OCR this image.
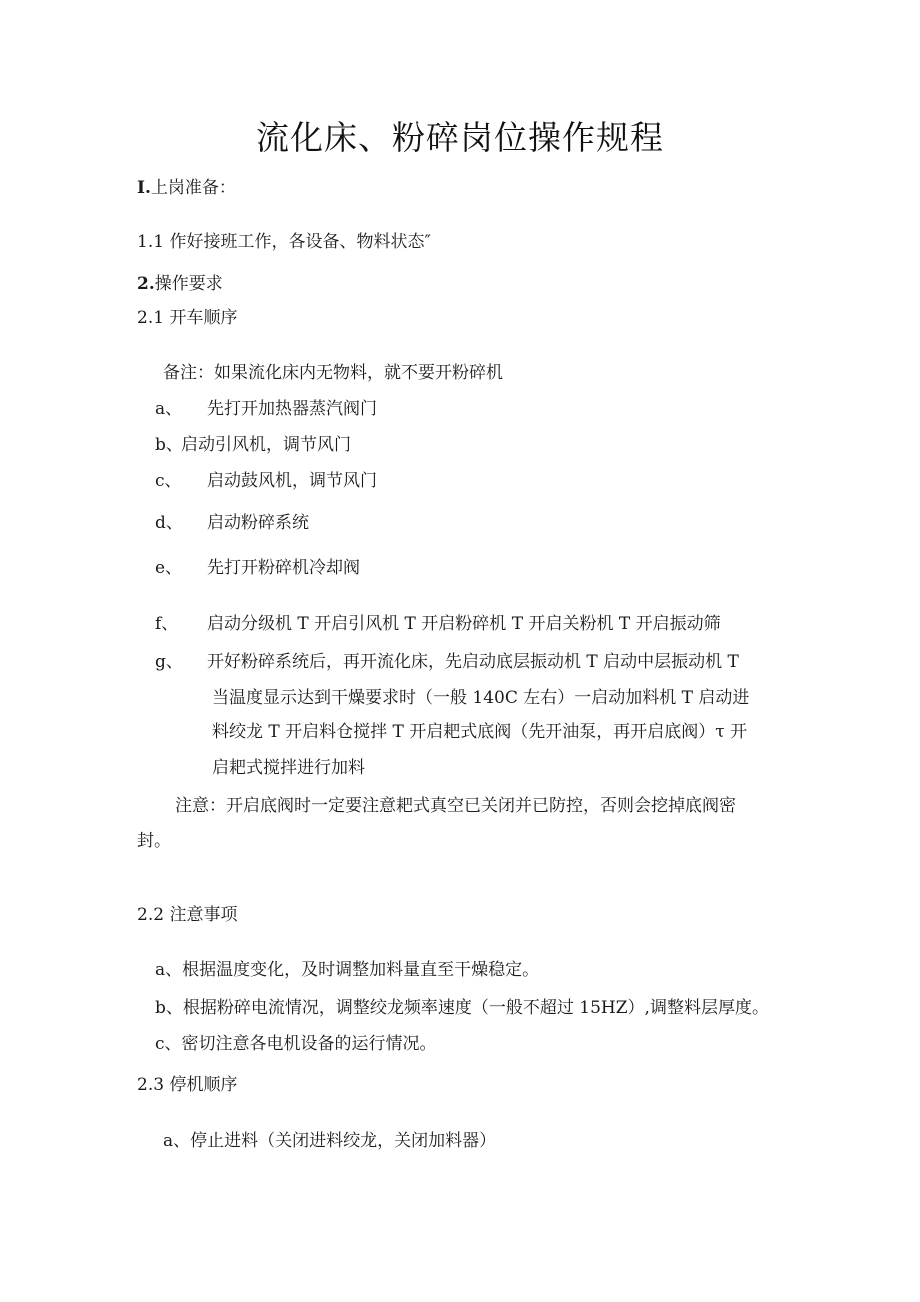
流化床、粉碎岗位操作规程
I.上岗准备：
1.1 作好接班工作，各设备、物料状态″
2.操作要求
2.1 开车顺序
备注：如果流化床内无物料，就不要开粉碎机
a、 先打开加热器蒸汽阀门
b、
启动引风机，调节风门
c、 启动鼓风机，调节风门
d、 启动粉碎系统
e、 先打开粉碎机冷却阀
f、 启动分级机 T 开启引风机 T 开启粉碎机 T 开启关粉机 T 开启振动筛
g、 开好粉碎系统后，再开流化床，先启动底层振动机 T 启动中层振动机 T
当温度显示达到干燥要求时（一般 140C 左右）一启动加料机 T 启动进
料绞龙 T 开启料仓搅拌 T 开启耙式底阀（先开油泵，再开启底阀）τ 开
启耙式搅拌进行加料
注意：开启底阀时一定要注意耙式真空已关闭并已防控，否则会挖掉底阀密
封。
2.2 注意事项
a、根据温度变化，及时调整加料量直至干燥稳定。
b、根据粉碎电流情况，调整绞龙频率速度（一般不超过 15HZ）,调整料层厚度。
c、密切注意各电机设备的运行情况。
2.3 停机顺序
a、停止进料（关闭进料绞龙，关闭加料器）
